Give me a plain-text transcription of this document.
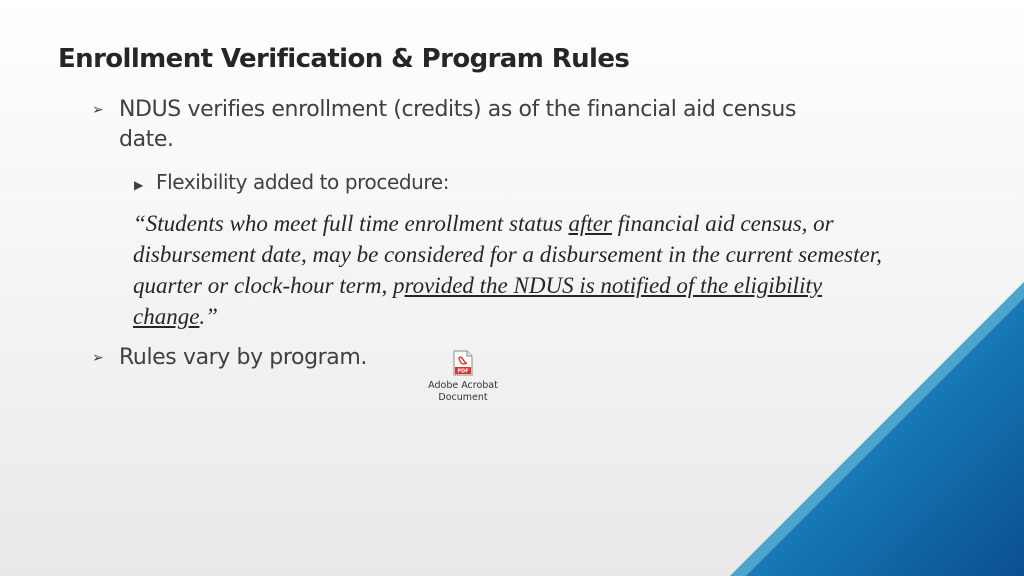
Enrollment Verification & Program Rules
➢ NDUS verifies enrollment (credits) as of the financial aid census
date.
▶ Flexibility added to procedure:

“Students who meet full time enrollment status after financial aid census, or disbursement date, may be considered for a disbursement in the current semester, quarter or clock-hour term, provided the NDUS is notified of the eligibility change.”

➢ Rules vary by program.
PDF
Adobe Acrobat
Document
